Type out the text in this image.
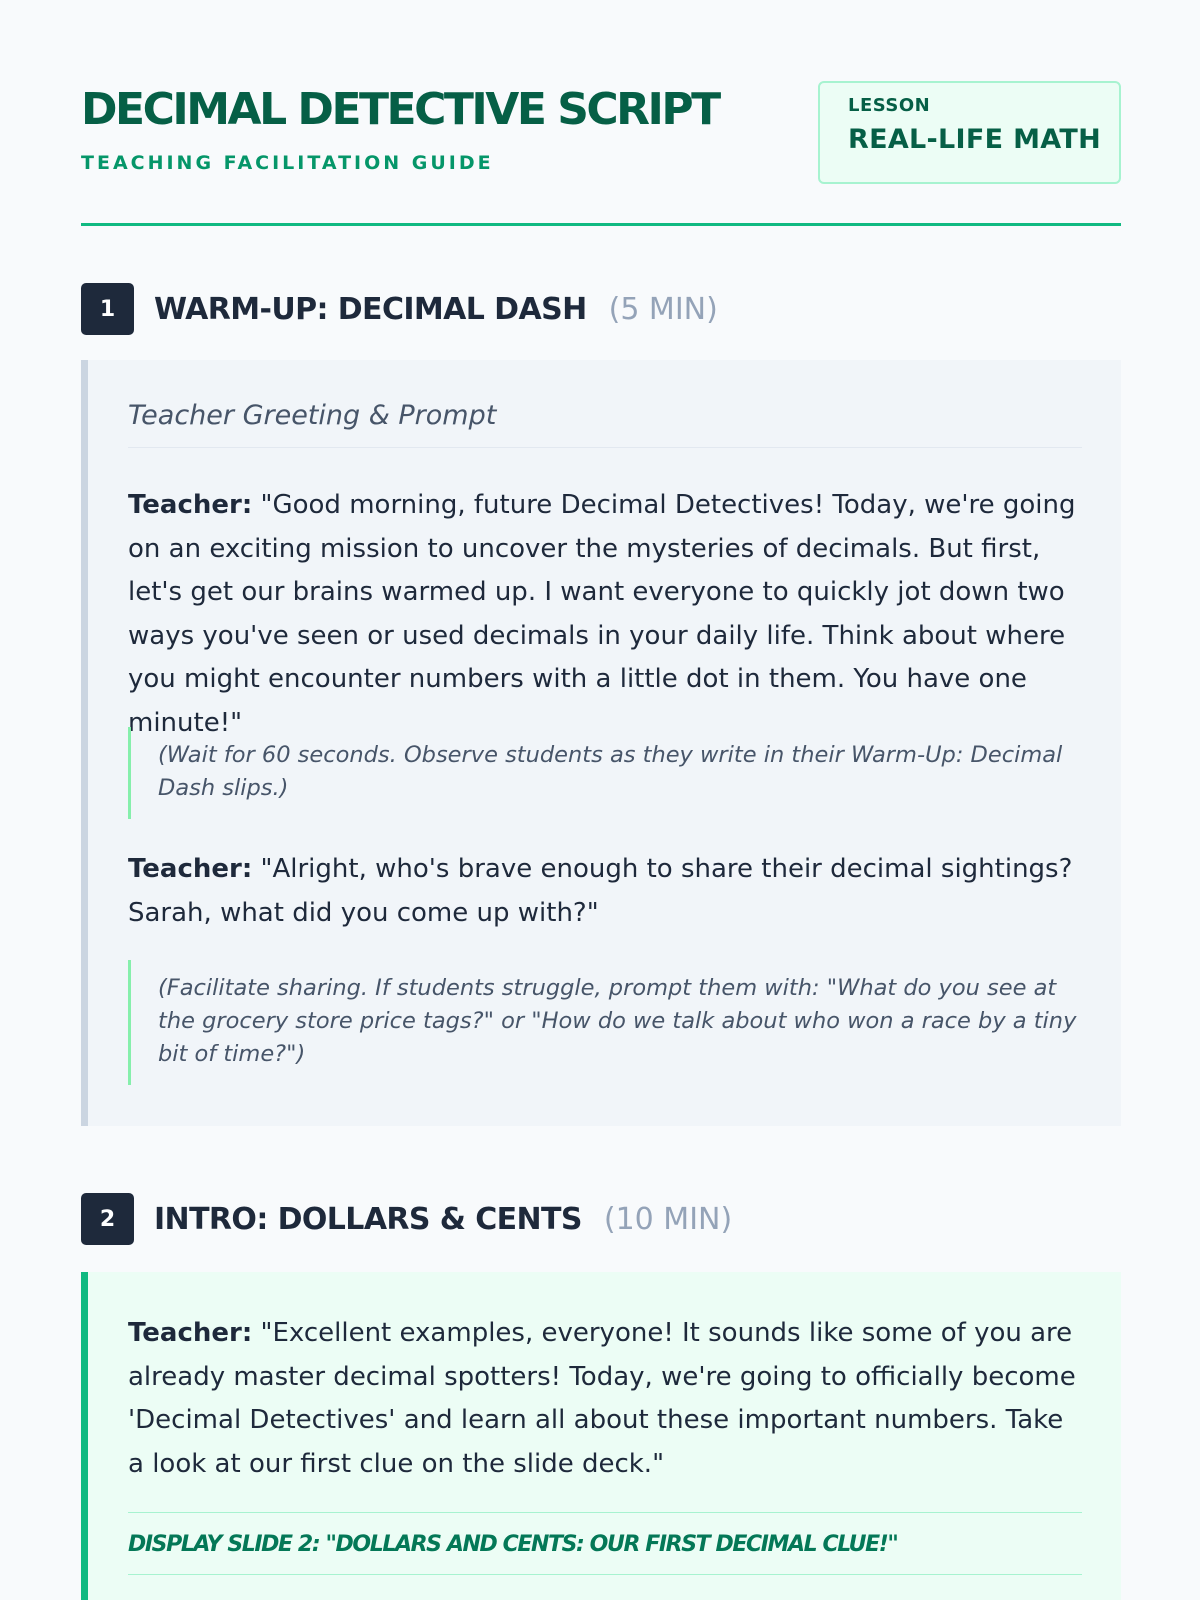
DECIMAL DETECTIVE SCRIPT
TEACHING FACILITATION GUIDE
LESSON
REAL-LIFE MATH
1	WARM-UP: DECIMAL DASH (5 MIN)
Teacher Greeting & Prompt
Teacher: "Good morning, future Decimal Detectives! Today, we're going on an exciting mission to uncover the mysteries of decimals. But first, let's get our brains warmed up. I want everyone to quickly jot down two ways you've seen or used decimals in your daily life. Think about where you might encounter numbers with a little dot in them. You have one minute!"
(Wait for 60 seconds. Observe students as they write in their Warm-Up: Decimal Dash slips.)
Teacher: "Alright, who's brave enough to share their decimal sightings? Sarah, what did you come up with?"
(Facilitate sharing. If students struggle, prompt them with: "What do you see at the grocery store price tags?" or "How do we talk about who won a race by a tiny bit of time?")
2	INTRO: DOLLARS & CENTS (10 MIN)
Teacher: "Excellent examples, everyone! It sounds like some of you are already master decimal spotters! Today, we're going to officially become 'Decimal Detectives' and learn all about these important numbers. Take a look at our first clue on the slide deck."
DISPLAY SLIDE 2: "DOLLARS AND CENTS: OUR FIRST DECIMAL CLUE!"
